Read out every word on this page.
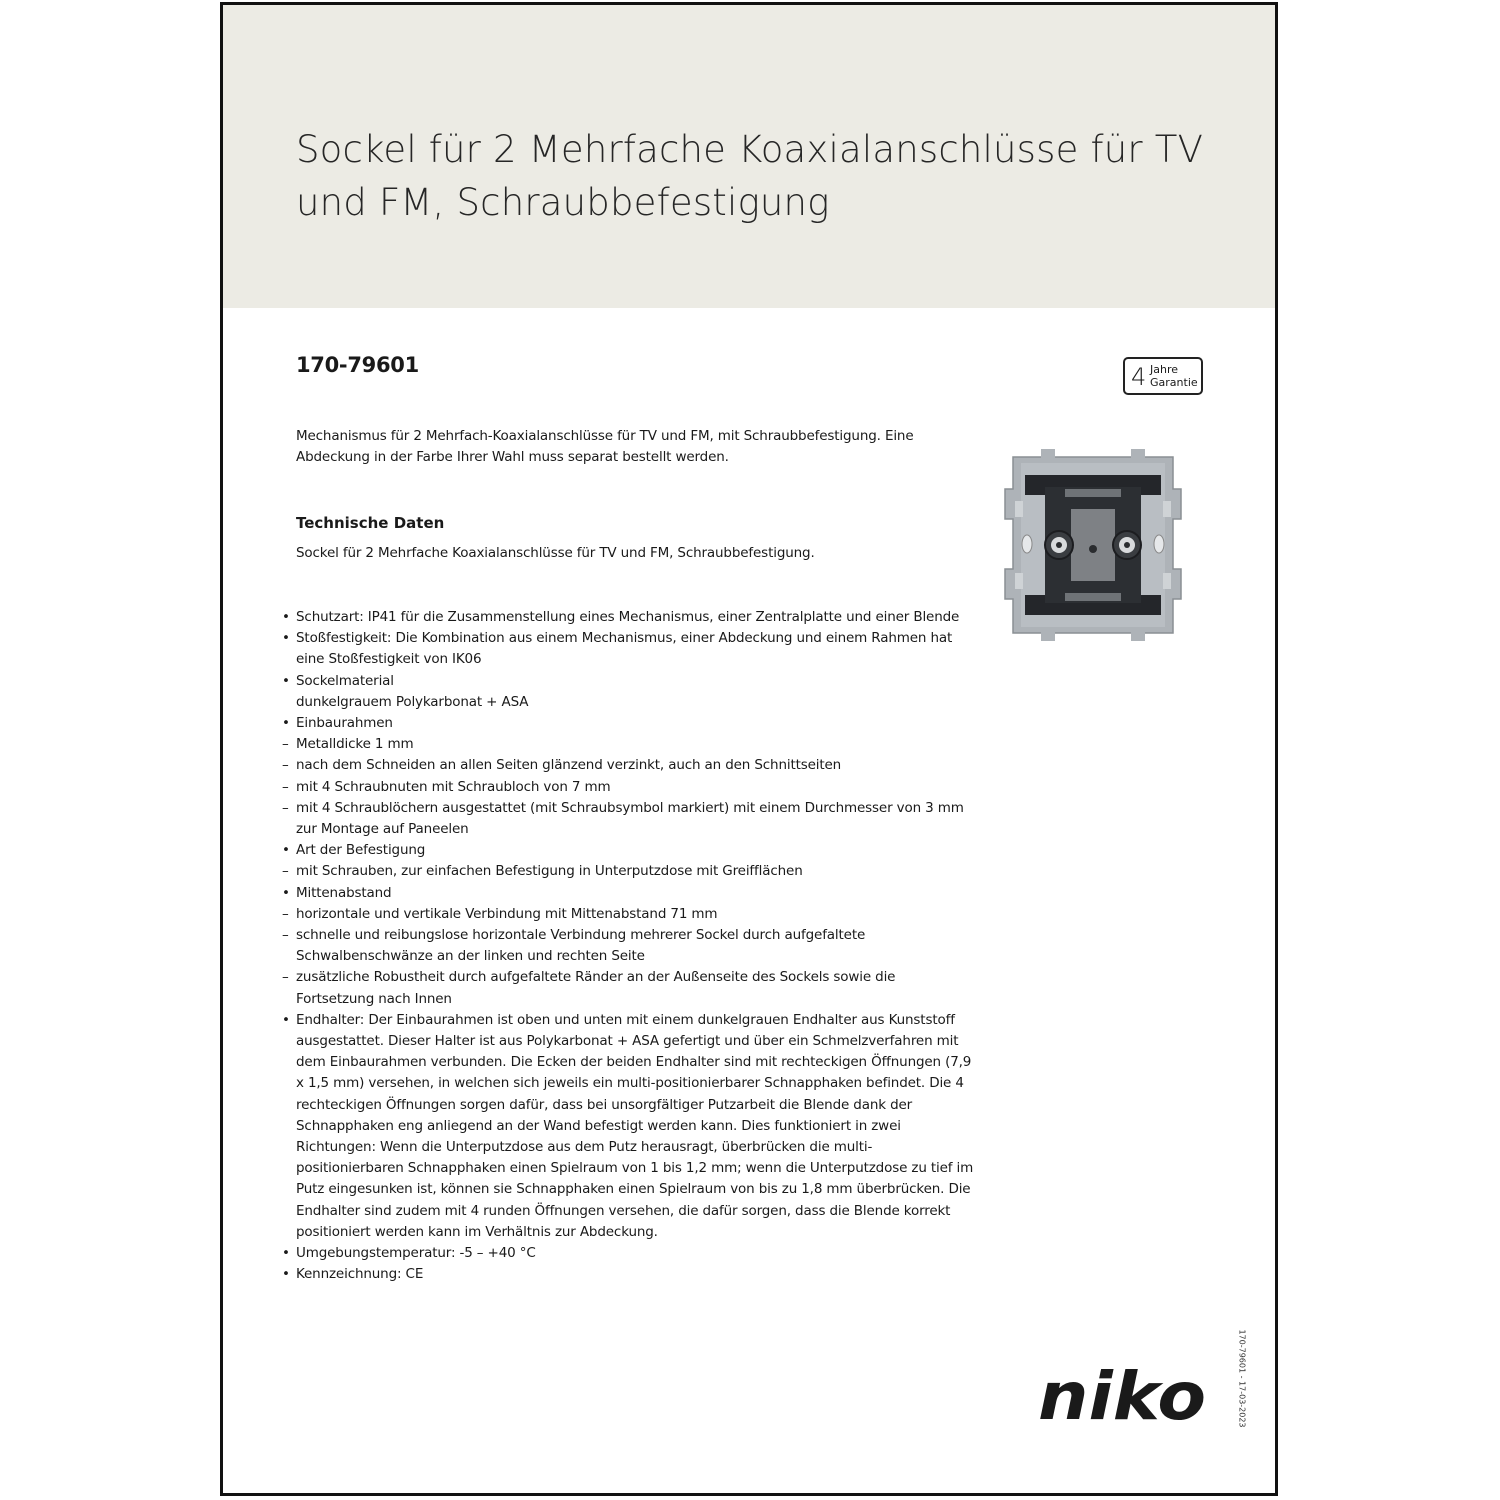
Sockel für 2 Mehrfache Koaxialanschlüsse für TV und FM, Schraubbefestigung
170-79601	4 Jahre
Garantie

Mechanismus für 2 Mehrfach-Koaxialanschlüsse für TV und FM, mit Schraubbefestigung. Eine Abdeckung in der Farbe Ihrer Wahl muss separat bestellt werden.

Technische Daten

Sockel für 2 Mehrfache Koaxialanschlüsse für TV und FM, Schraubbefestigung.

• Schutzart: IP41 für die Zusammenstellung eines Mechanismus, einer Zentralplatte und einer Blende
• Stoßfestigkeit: Die Kombination aus einem Mechanismus, einer Abdeckung und einem Rahmen hat eine Stoßfestigkeit von IK06
• Sockelmaterial
dunkelgrauem Polykarbonat + ASA
• Einbaurahmen
– Metalldicke 1 mm
– nach dem Schneiden an allen Seiten glänzend verzinkt, auch an den Schnittseiten
– mit 4 Schraubnuten mit Schraubloch von 7 mm
– mit 4 Schraublöchern ausgestattet (mit Schraubsymbol markiert) mit einem Durchmesser von 3 mm zur Montage auf Paneelen
• Art der Befestigung
– mit Schrauben, zur einfachen Befestigung in Unterputzdose mit Greifflächen
• Mittenabstand
– horizontale und vertikale Verbindung mit Mittenabstand 71 mm
– schnelle und reibungslose horizontale Verbindung mehrerer Sockel durch aufgefaltete Schwalbenschwänze an der linken und rechten Seite
– zusätzliche Robustheit durch aufgefaltete Ränder an der Außenseite des Sockels sowie die Fortsetzung nach Innen
• Endhalter: Der Einbaurahmen ist oben und unten mit einem dunkelgrauen Endhalter aus Kunststoff ausgestattet. Dieser Halter ist aus Polykarbonat + ASA gefertigt und über ein Schmelzverfahren mit dem Einbaurahmen verbunden. Die Ecken der beiden Endhalter sind mit rechteckigen Öffnungen (7,9 x 1,5 mm) versehen, in welchen sich jeweils ein multi-positionierbarer Schnapphaken befindet. Die 4 rechteckigen Öffnungen sorgen dafür, dass bei unsorgfältiger Putzarbeit die Blende dank der Schnapphaken eng anliegend an der Wand befestigt werden kann. Dies funktioniert in zwei Richtungen: Wenn die Unterputzdose aus dem Putz herausragt, überbrücken die multi-positionierbaren Schnapphaken einen Spielraum von 1 bis 1,2 mm; wenn die Unterputzdose zu tief im Putz eingesunken ist, können sie Schnapphaken einen Spielraum von bis zu 1,8 mm überbrücken. Die Endhalter sind zudem mit 4 runden Öffnungen versehen, die dafür sorgen, dass die Blende korrekt positioniert werden kann im Verhältnis zur Abdeckung.
• Umgebungstemperatur: -5 – +40 °C
• Kennzeichnung: CE
niko	170-79601 - 17-03-2023
